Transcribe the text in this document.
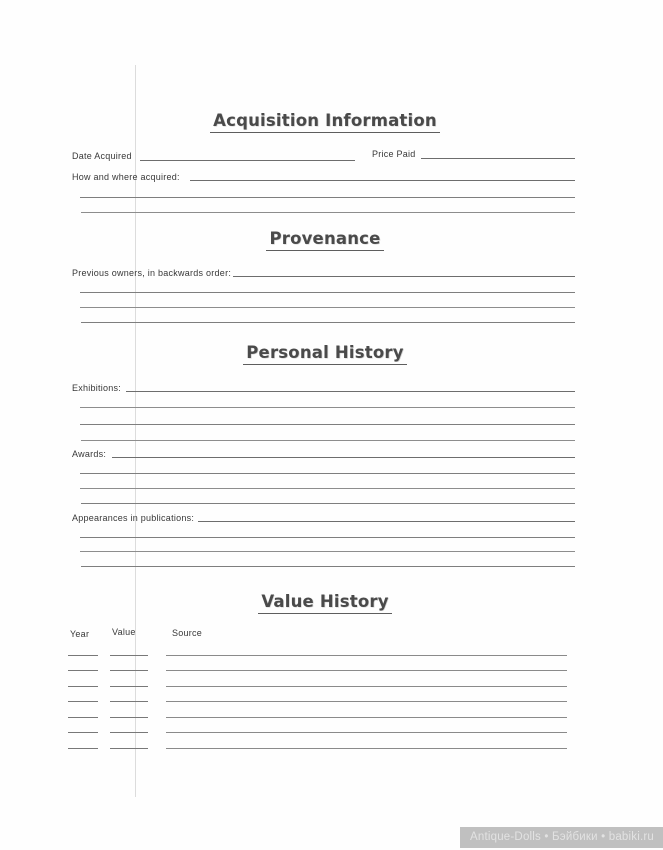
Acquisition Information
Date Acquired	Price Paid
How and where acquired:
Provenance
Previous owners, in backwards order:
Personal History
Exhibitions:
Awards:
Appearances in publications:
Value History
Year	Value	Source
Antique-Dolls • Бэйбики • babiki.ru
